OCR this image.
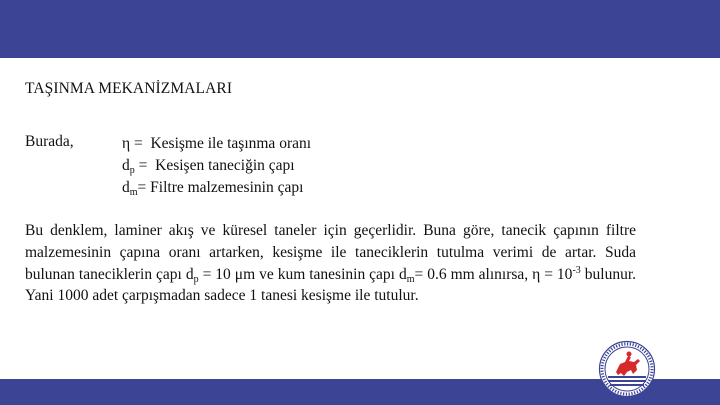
TAŞINMA MEKANİZMALARI
Burada,	η = Kesişme ile taşınma oranı
$d_p$ = Kesişen taneciğin çapı
$d_m=$ Filtre malzemesinin çapı
Bu denklem, laminer akış ve küresel taneler için geçerlidir. Buna göre, tanecik çapının filtre malzemesinin çapına oranı artarken, kesişme ile taneciklerin tutulma verimi de artar. Suda bulunan taneciklerin çapı $d_p = 10$ μm ve kum tanesinin çapı $d_m= 0.6$ mm alınırsa, $\eta = 10^{-3}$ bulunur. Yani 1000 adet çarpışmadan sadece 1 tanesi kesişme ile tutulur.
